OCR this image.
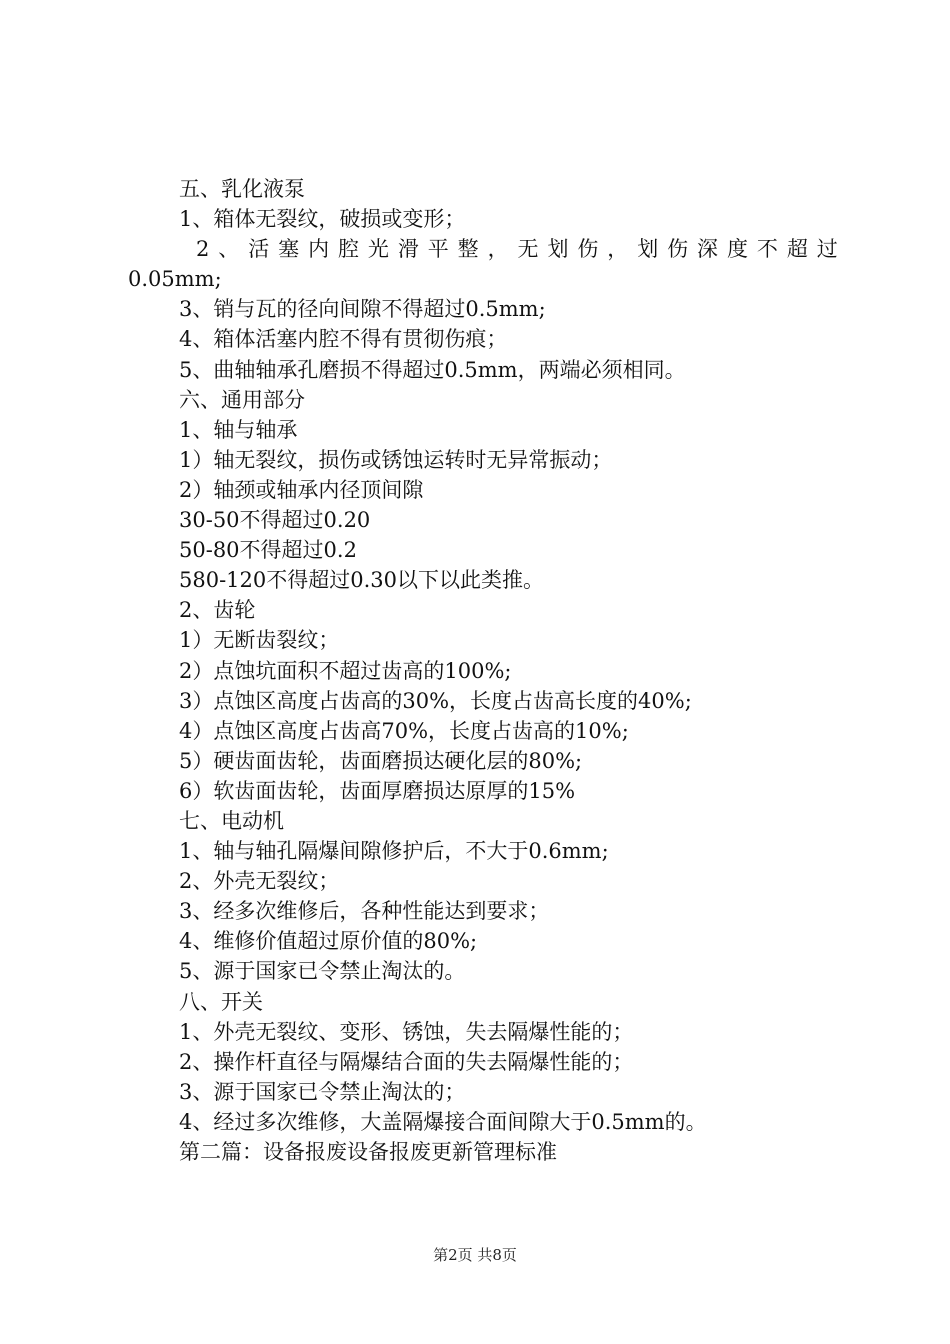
五、乳化液泵
1、箱体无裂纹，破损或变形；
2 、 活 塞 内 腔 光 滑 平 整 ， 无 划 伤 ， 划 伤 深 度 不 超 过
0.05mm;
3、销与瓦的径向间隙不得超过0.5mm;
4、箱体活塞内腔不得有贯彻伤痕；
5、曲轴轴承孔磨损不得超过0.5mm，两端必须相同。
六、通用部分
1、轴与轴承
1）轴无裂纹，损伤或锈蚀运转时无异常振动；
2）轴颈或轴承内径顶间隙
30-50不得超过0.20
50-80不得超过0.2
580-120不得超过0.30以下以此类推。
2、齿轮
1）无断齿裂纹；
2）点蚀坑面积不超过齿高的100%;
3）点蚀区高度占齿高的30%，长度占齿高长度的40%;
4）点蚀区高度占齿高70%，长度占齿高的10%;
5）硬齿面齿轮，齿面磨损达硬化层的80%;
6）软齿面齿轮，齿面厚磨损达原厚的15%
七、电动机
1、轴与轴孔隔爆间隙修护后，不大于0.6mm;
2、外壳无裂纹；
3、经多次维修后，各种性能达到要求；
4、维修价值超过原价值的80%;
5、源于国家已令禁止淘汰的。
八、开关
1、外壳无裂纹、变形、锈蚀，失去隔爆性能的；
2、操作杆直径与隔爆结合面的失去隔爆性能的；
3、源于国家已令禁止淘汰的；
4、经过多次维修，大盖隔爆接合面间隙大于0.5mm的。
第二篇：设备报废设备报废更新管理标准
第2页 共8页
